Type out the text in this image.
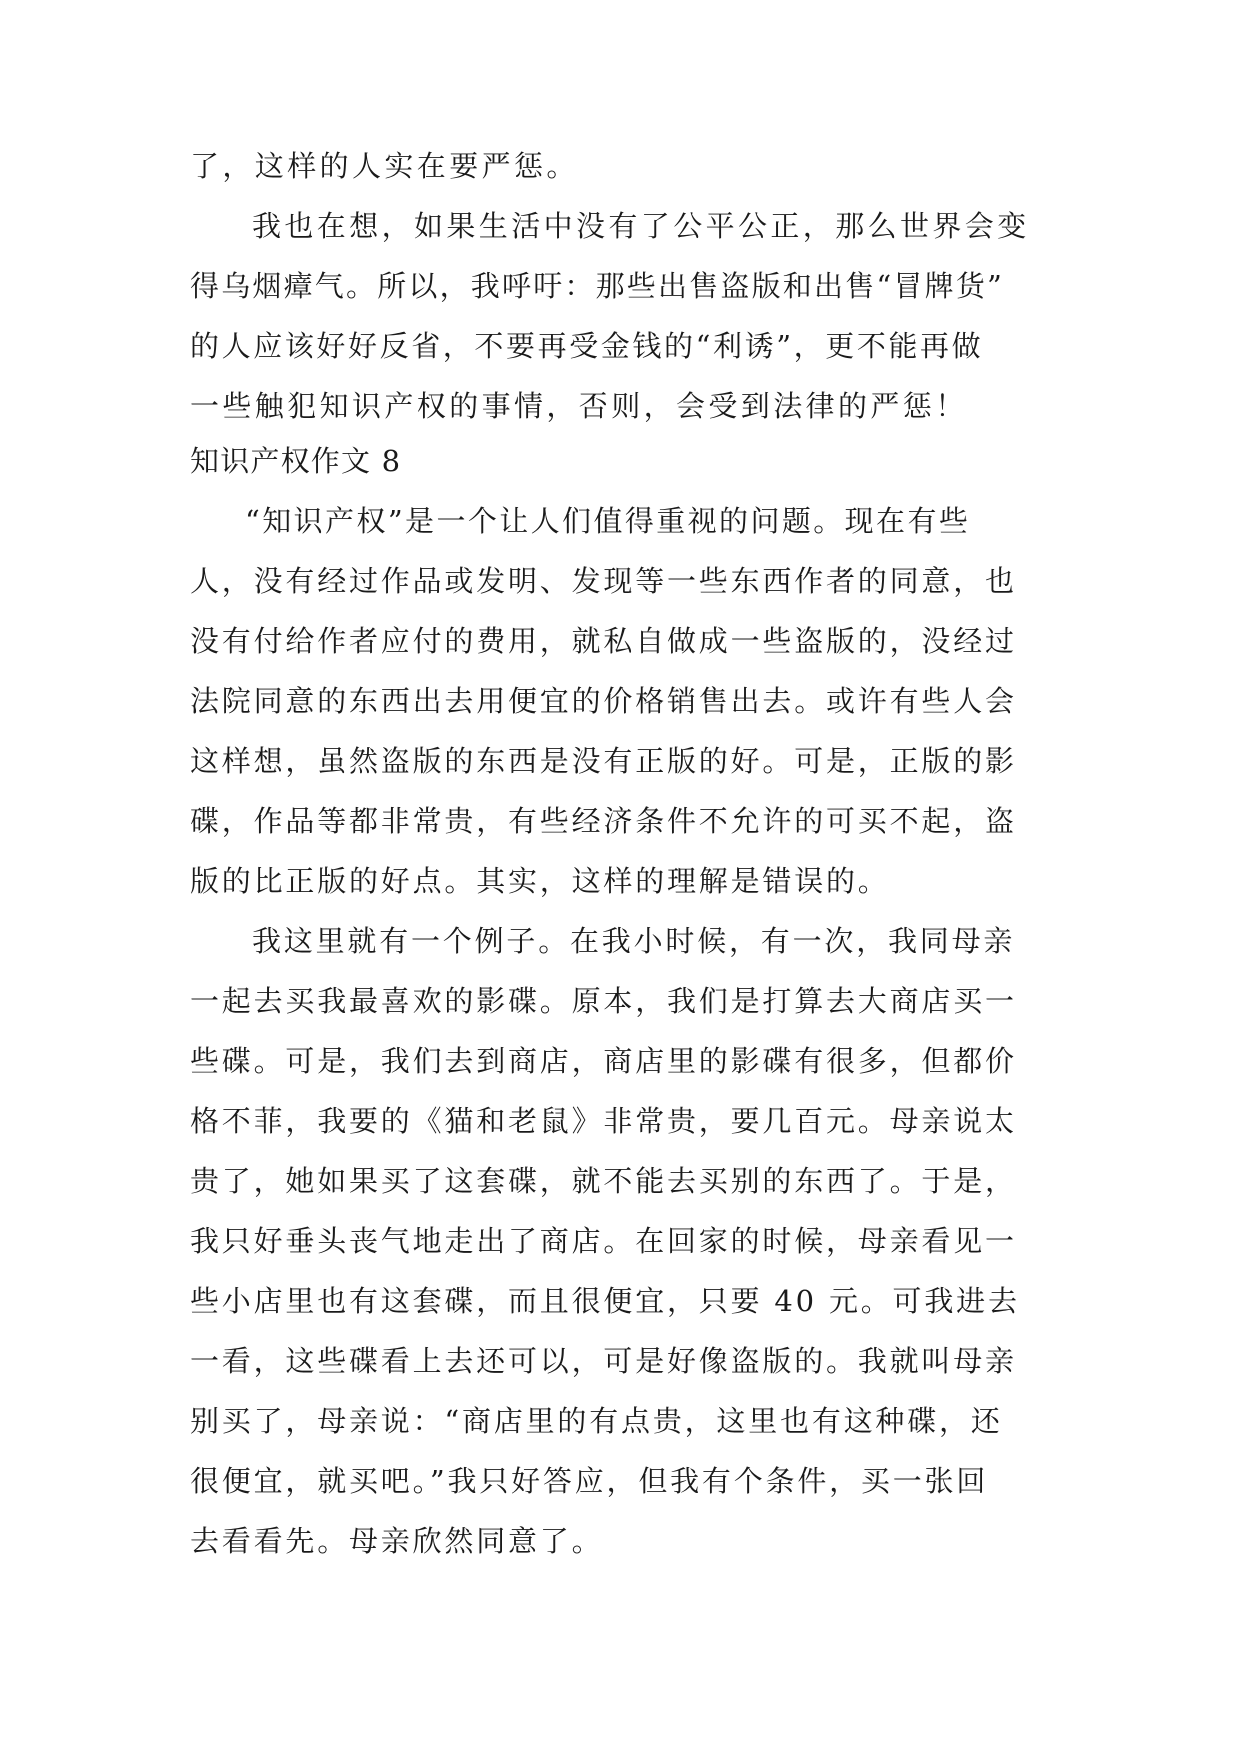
了，这样的人实在要严惩。
我也在想，如果生活中没有了公平公正，那么世界会变
得乌烟瘴气。所以，我呼吁：那些出售盗版和出售“冒牌货”
的人应该好好反省，不要再受金钱的“利诱”，更不能再做
一些触犯知识产权的事情，否则，会受到法律的严惩！
知识产权作文 8
“知识产权”是一个让人们值得重视的问题。现在有些
人，没有经过作品或发明、发现等一些东西作者的同意，也
没有付给作者应付的费用，就私自做成一些盗版的，没经过
法院同意的东西出去用便宜的价格销售出去。或许有些人会
这样想，虽然盗版的东西是没有正版的好。可是，正版的影
碟，作品等都非常贵，有些经济条件不允许的可买不起，盗
版的比正版的好点。其实，这样的理解是错误的。
我这里就有一个例子。在我小时候，有一次，我同母亲
一起去买我最喜欢的影碟。原本，我们是打算去大商店买一
些碟。可是，我们去到商店，商店里的影碟有很多，但都价
格不菲，我要的《猫和老鼠》非常贵，要几百元。母亲说太
贵了，她如果买了这套碟，就不能去买别的东西了。于是，
我只好垂头丧气地走出了商店。在回家的时候，母亲看见一
些小店里也有这套碟，而且很便宜，只要 40 元。可我进去
一看，这些碟看上去还可以，可是好像盗版的。我就叫母亲
别买了，母亲说：“商店里的有点贵，这里也有这种碟，还
很便宜，就买吧。”我只好答应，但我有个条件，买一张回
去看看先。母亲欣然同意了。
